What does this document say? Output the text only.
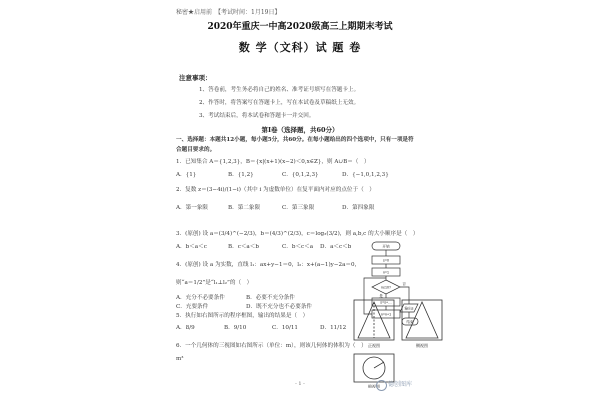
秘密★启用前　【考试时间：1月19日】
2020年重庆一中高2020级高三上期期末考试
数 学（文科）试 题 卷
注意事项：
1、答卷前，考生务必将自己的姓名、准考证号填写在答题卡上。
2、作答时，将答案写在答题卡上，写在本试卷及草稿纸上无效。
3、考试结束后，将本试卷和答题卡一并交回。
第Ⅰ卷（选择题，共60分）
一、选择题：本题共12小题，每小题5分，共60分。在每小题给出的四个选项中，只有一项是符
合题目要求的。
1．已知集合 A＝{1,2,3}，B＝{x|(x+1)(x−2)＜0,x∈Z}，则 A∪B＝（　）
A．{1}	B．{1,2}	C．{0,1,2,3}	D．{−1,0,1,2,3}
2．复数 z＝(3−4i)/(1−i)（其中 i 为虚数单位）在复平面内对应的点位于（　）
A．第一象限	B．第二象限	C．第三象限	D．第四象限
3．(原创) 设 a＝(3/4)^(−2/3)，b＝(4/3)^(2/3)，c＝log₃(3/2)，则 a,b,c 的大小顺序是（　）
A．b＜a＜c	B．c＜a＜b	C．b＜c＜a D．a＜c＜b
4．(原创) 设 a 为实数，直线 l₁：ax+y−1＝0，l₂：x+(a−1)y−2a＝0，
则“a＝1/2”是“l₁⊥l₂”的（　）
A．充分不必要条件	B．必要不充分条件
C．充要条件	D．既不充分也不必要条件
5．执行如右图所示的程序框图，输出的结果是（　）
A．8/9	B．9/10	C．10/11	D．11/12
6．一个几何体的三视图如右图所示（单位：m），则该几何体的体积为（　）
m³
开始
s=0
n=1
n≤10?
s=s+…
n=n+1
输出s
结束
是
否
正视图	侧视图
俯视图
- 1 -	德创图库
